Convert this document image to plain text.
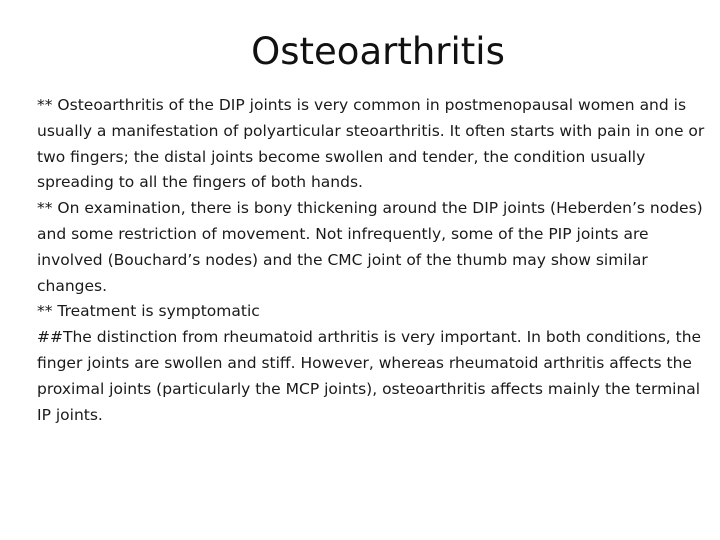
Osteoarthritis

** Osteoarthritis of the DIP joints is very common in postmenopausal women and is usually a manifestation of polyarticular steoarthritis. It often starts with pain in one or two fingers; the distal joints become swollen and tender, the condition usually spreading to all the fingers of both hands.

** On examination, there is bony thickening around the DIP joints (Heberden’s nodes) and some restriction of movement. Not infrequently, some of the PIP joints are involved (Bouchard’s nodes) and the CMC joint of the thumb may show similar changes.

** Treatment is symptomatic

##The distinction from rheumatoid arthritis is very important. In both conditions, the finger joints are swollen and stiff. However, whereas rheumatoid arthritis affects the proximal joints (particularly the MCP joints), osteoarthritis affects mainly the terminal IP joints.
